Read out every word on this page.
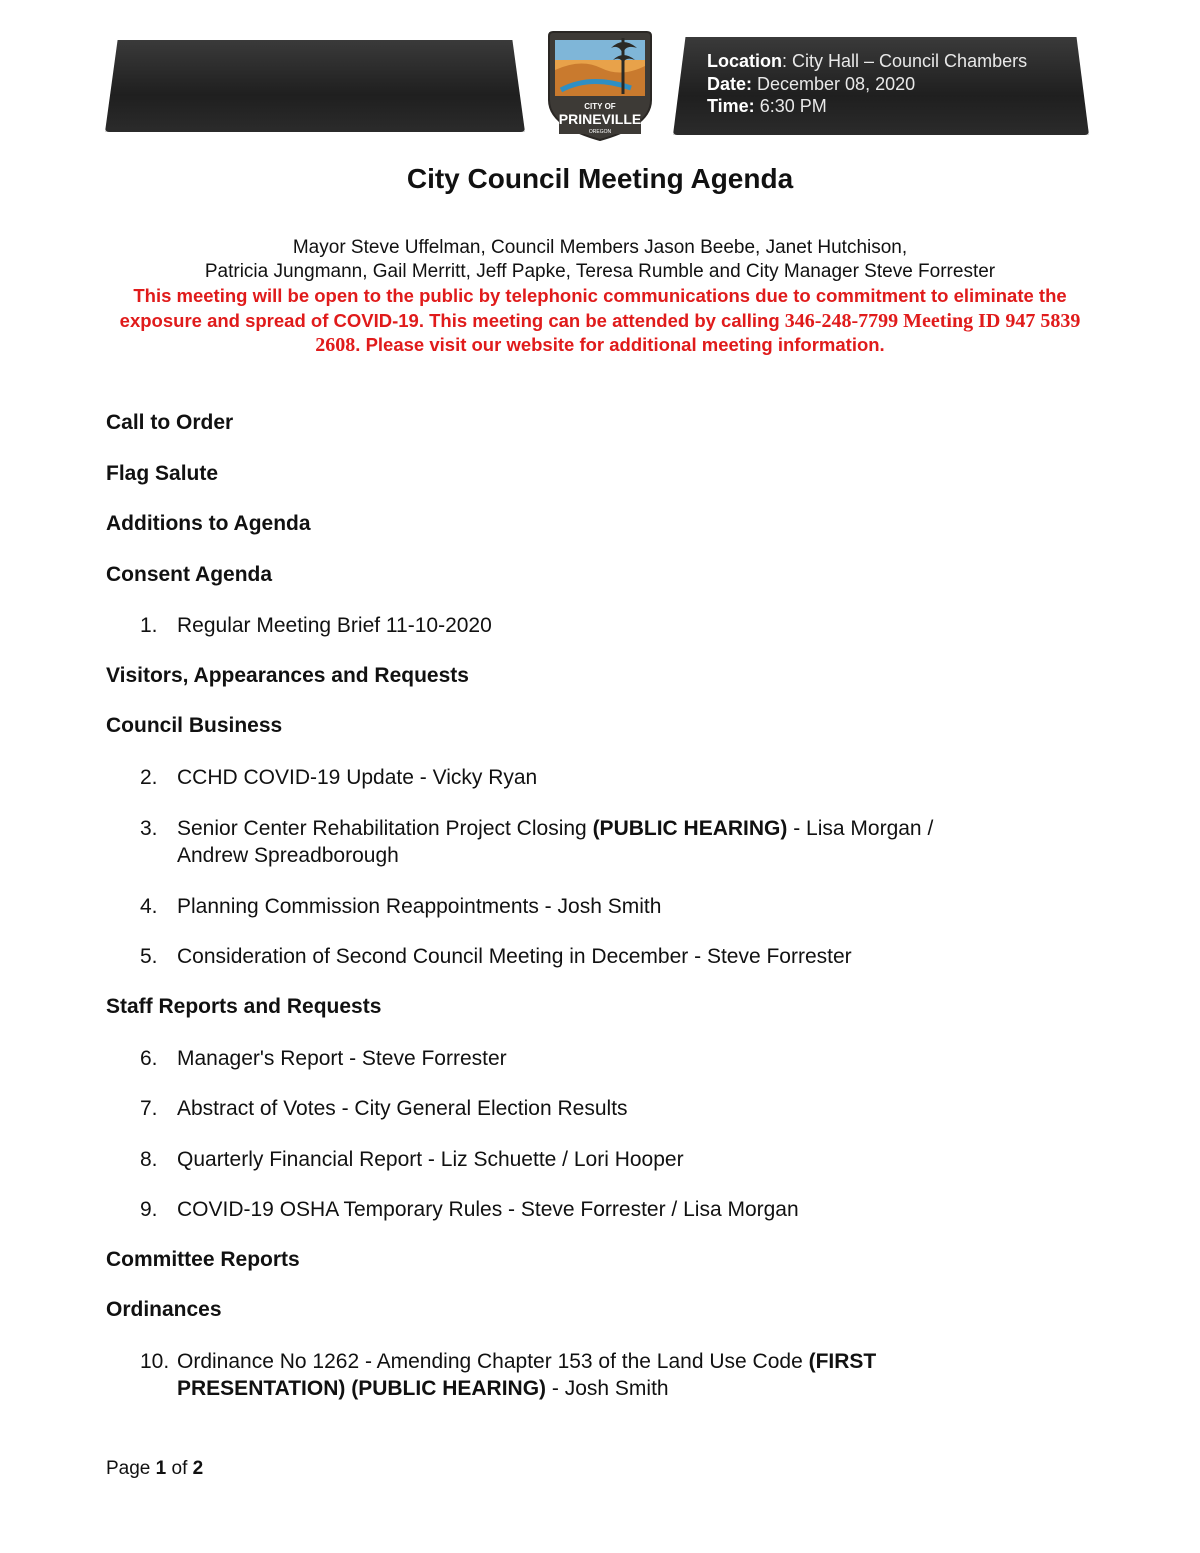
Location: City Hall – Council Chambers
Date: December 08, 2020
Time: 6:30 PM
CITY OF
PRINEVILLE
OREGON
City Council Meeting Agenda
Mayor Steve Uffelman, Council Members Jason Beebe, Janet Hutchison,
Patricia Jungmann, Gail Merritt, Jeff Papke, Teresa Rumble and City Manager Steve Forrester
This meeting will be open to the public by telephonic communications due to commitment to eliminate the exposure and spread of COVID-19. This meeting can be attended by calling 346-248-7799 Meeting ID 947 5839 2608. Please visit our website for additional meeting information.
Call to Order
Flag Salute
Additions to Agenda
Consent Agenda
1. Regular Meeting Brief 11-10-2020
Visitors, Appearances and Requests
Council Business
2. CCHD COVID-19 Update - Vicky Ryan
3. Senior Center Rehabilitation Project Closing (PUBLIC HEARING) - Lisa Morgan /
Andrew Spreadborough
4. Planning Commission Reappointments - Josh Smith
5. Consideration of Second Council Meeting in December - Steve Forrester
Staff Reports and Requests
6. Manager's Report - Steve Forrester
7. Abstract of Votes - City General Election Results
8. Quarterly Financial Report - Liz Schuette / Lori Hooper
9. COVID-19 OSHA Temporary Rules - Steve Forrester / Lisa Morgan
Committee Reports
Ordinances
10. Ordinance No 1262 - Amending Chapter 153 of the Land Use Code (FIRST
PRESENTATION) (PUBLIC HEARING) - Josh Smith
Page 1 of 2
